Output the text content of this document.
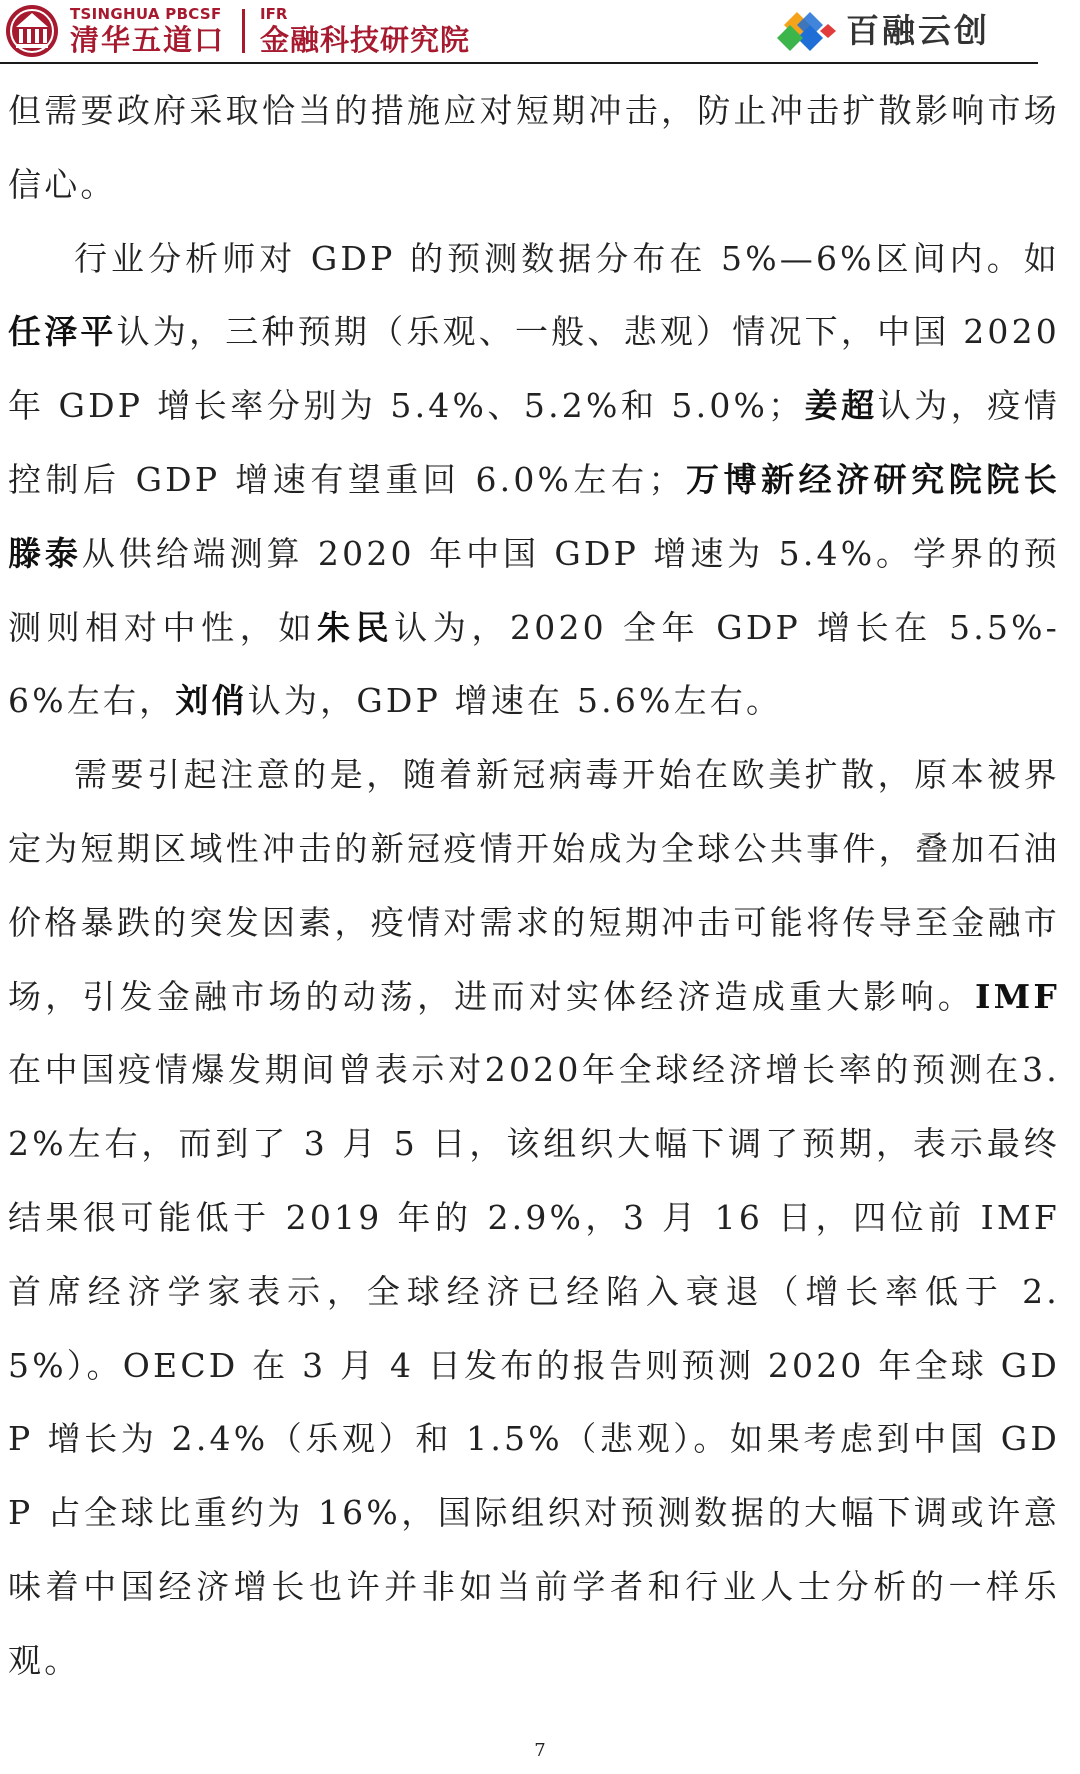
TSINGHUA PBCSF
清华五道口
IFR
金融科技研究院	百融云创

但需要政府采取恰当的措施应对短期冲击，防止冲击扩散影响市场信心。

行业分析师对 GDP 的预测数据分布在 5%—6%区间内。如任泽平认为，三种预期（乐观、一般、悲观）情况下，中国 2020 年 GDP 增长率分别为 5.4%、5.2%和 5.0%；姜超认为，疫情控制后 GDP 增速有望重回 6.0%左右；万博新经济研究院院长滕泰从供给端测算 2020 年中国 GDP 增速为 5.4%。学界的预测则相对中性，如朱民认为，2020 全年 GDP 增长在 5.5%-6%左右，刘俏认为，GDP 增速在 5.6%左右。

需要引起注意的是，随着新冠病毒开始在欧美扩散，原本被界定为短期区域性冲击的新冠疫情开始成为全球公共事件，叠加石油价格暴跌的突发因素，疫情对需求的短期冲击可能将传导至金融市场，引发金融市场的动荡，进而对实体经济造成重大影响。IMF 在中国疫情爆发期间曾表示对2020年全球经济增长率的预测在3.2%左右，而到了 3 月 5 日，该组织大幅下调了预期，表示最终结果很可能低于 2019 年的 2.9%，3 月 16 日，四位前 IMF 首席经济学家表示，全球经济已经陷入衰退（增长率低于 2.5%）。OECD 在 3 月 4 日发布的报告则预测 2020 年全球 GDP 增长为 2.4%（乐观）和 1.5%（悲观）。如果考虑到中国 GDP 占全球比重约为 16%，国际组织对预测数据的大幅下调或许意味着中国经济增长也许并非如当前学者和行业人士分析的一样乐观。

7
